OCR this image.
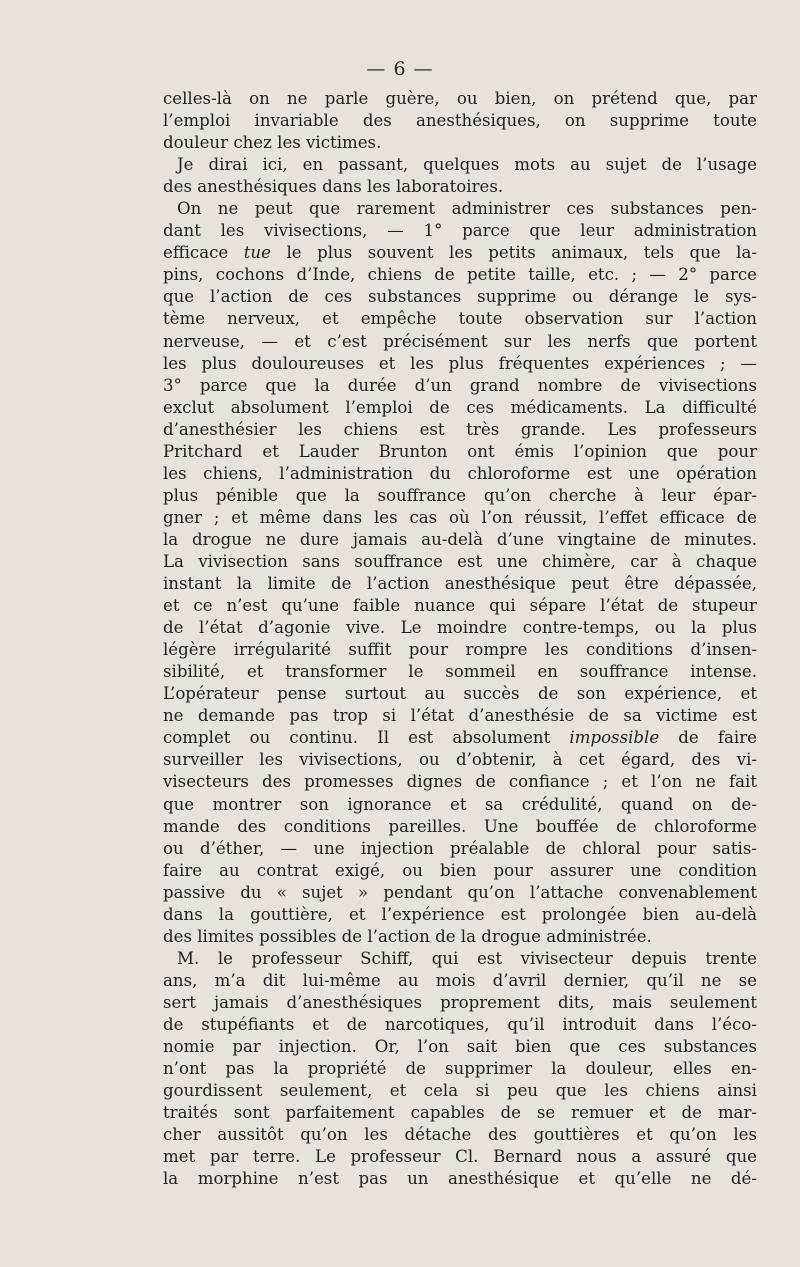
— 6 —
celles-là on ne parle guère, ou bien, on prétend que, par
l’emploi invariable des anesthésiques, on supprime toute
douleur chez les victimes.
Je dirai ici, en passant, quelques mots au sujet de l’usage
des anesthésiques dans les laboratoires.
On ne peut que rarement administrer ces substances pen-
dant les vivisections, — 1° parce que leur administration
efficace tue le plus souvent les petits animaux, tels que la-
pins, cochons d’Inde, chiens de petite taille, etc. ; — 2° parce
que l’action de ces substances supprime ou dérange le sys-
tème nerveux, et empêche toute observation sur l’action
nerveuse, — et c’est précisément sur les nerfs que portent
les plus douloureuses et les plus fréquentes expériences ; —
3° parce que la durée d’un grand nombre de vivisections
exclut absolument l’emploi de ces médicaments. La difficulté
d’anesthésier les chiens est très grande. Les professeurs
Pritchard et Lauder Brunton ont émis l’opinion que pour
les chiens, l’administration du chloroforme est une opération
plus pénible que la souffrance qu’on cherche à leur épar-
gner ; et même dans les cas où l’on réussit, l’effet efficace de
la drogue ne dure jamais au-delà d’une vingtaine de minutes.
La vivisection sans souffrance est une chimère, car à chaque
instant la limite de l’action anesthésique peut être dépassée,
et ce n’est qu’une faible nuance qui sépare l’état de stupeur
de l’état d’agonie vive. Le moindre contre-temps, ou la plus
légère irrégularité suffit pour rompre les conditions d’insen-
sibilité, et transformer le sommeil en souffrance intense.
L’opérateur pense surtout au succès de son expérience, et
ne demande pas trop si l’état d’anesthésie de sa victime est
complet ou continu. Il est absolument impossible de faire
surveiller les vivisections, ou d’obtenir, à cet égard, des vi-
visecteurs des promesses dignes de confiance ; et l’on ne fait
que montrer son ignorance et sa crédulité, quand on de-
mande des conditions pareilles. Une bouffée de chloroforme
ou d’éther, — une injection préalable de chloral pour satis-
faire au contrat exigé, ou bien pour assurer une condition
passive du « sujet » pendant qu’on l’attache convenablement
dans la gouttière, et l’expérience est prolongée bien au-delà
des limites possibles de l’action de la drogue administrée.
M. le professeur Schiff, qui est vivisecteur depuis trente
ans, m’a dit lui-même au mois d’avril dernier, qu’il ne se
sert jamais d’anesthésiques proprement dits, mais seulement
de stupéfiants et de narcotiques, qu’il introduit dans l’éco-
nomie par injection. Or, l’on sait bien que ces substances
n’ont pas la propriété de supprimer la douleur, elles en-
gourdissent seulement, et cela si peu que les chiens ainsi
traités sont parfaitement capables de se remuer et de mar-
cher aussitôt qu’on les détache des gouttières et qu’on les
met par terre. Le professeur Cl. Bernard nous a assuré que
la morphine n’est pas un anesthésique et qu’elle ne dé-
